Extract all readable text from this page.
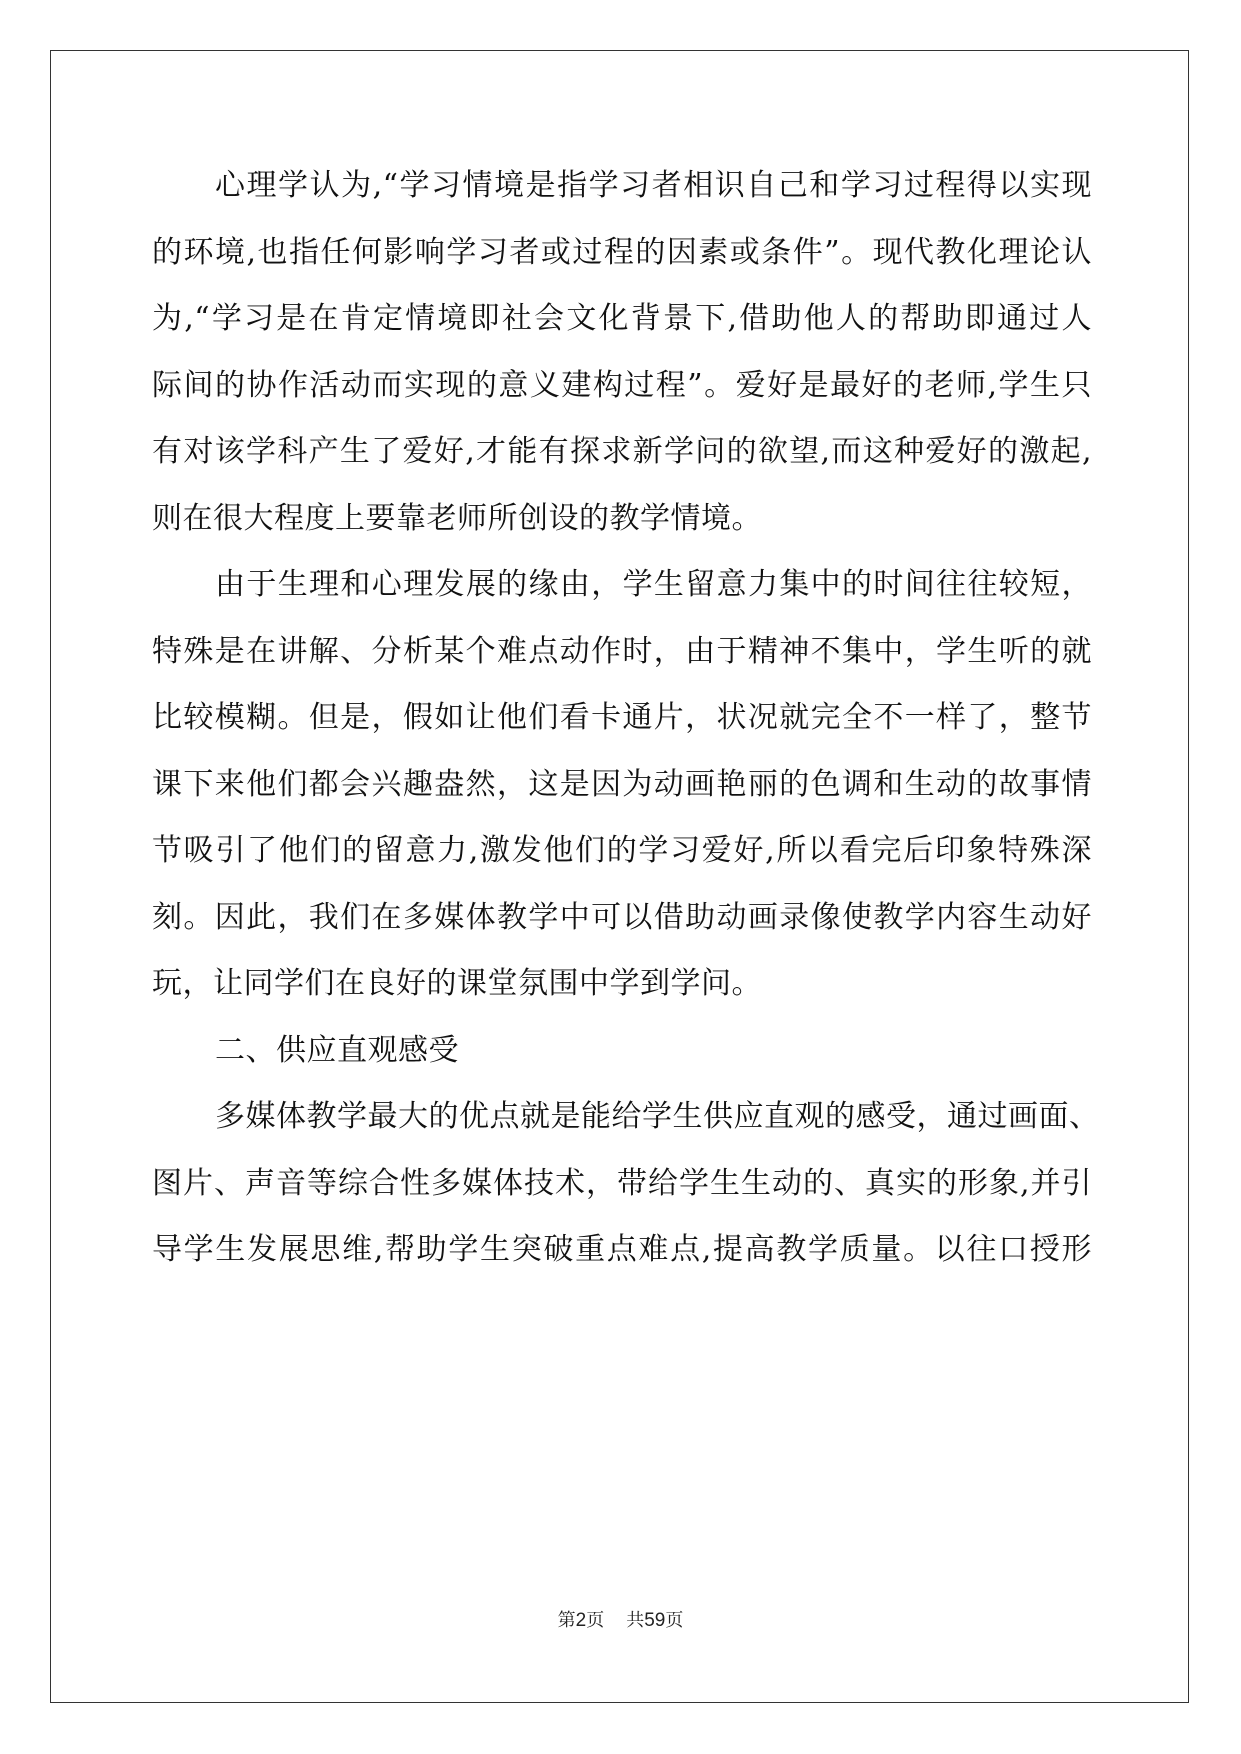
心理学认为,“学习情境是指学习者相识自己和学习过程得以实现
的环境,也指任何影响学习者或过程的因素或条件”。现代教化理论认
为,“学习是在肯定情境即社会文化背景下,借助他人的帮助即通过人
际间的协作活动而实现的意义建构过程”。爱好是最好的老师,学生只
有对该学科产生了爱好,才能有探求新学问的欲望,而这种爱好的激起,
则在很大程度上要靠老师所创设的教学情境。
由于生理和心理发展的缘由，学生留意力集中的时间往往较短，
特殊是在讲解、分析某个难点动作时，由于精神不集中，学生听的就
比较模糊。但是，假如让他们看卡通片，状况就完全不一样了，整节
课下来他们都会兴趣盎然，这是因为动画艳丽的色调和生动的故事情
节吸引了他们的留意力,激发他们的学习爱好,所以看完后印象特殊深
刻。因此，我们在多媒体教学中可以借助动画录像使教学内容生动好
玩，让同学们在良好的课堂氛围中学到学问。
二、供应直观感受
多媒体教学最大的优点就是能给学生供应直观的感受，通过画面、
图片、声音等综合性多媒体技术，带给学生生动的、真实的形象,并引
导学生发展思维,帮助学生突破重点难点,提高教学质量。以往口授形
第2页 共59页
